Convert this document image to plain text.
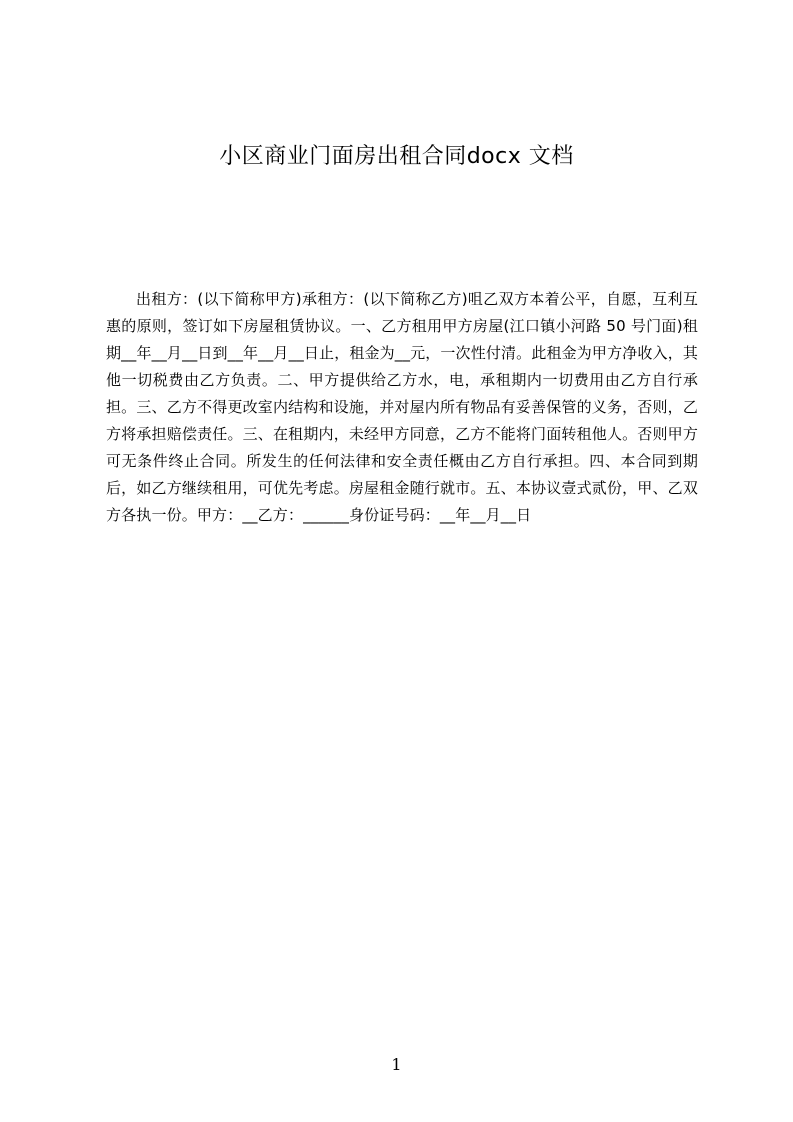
小区商业门面房出租合同docx 文档
出租方：(以下简称甲方)承租方：(以下简称乙方)咀乙双方本着公平，自愿，互利互惠的原则，签订如下房屋租赁协议。一、乙方租用甲方房屋(江口镇小河路 50 号门面)租期__年__月__日到__年__月__日止，租金为__元，一次性付清。此租金为甲方净收入，其他一切税费由乙方负责。二、甲方提供给乙方水，电，承租期内一切费用由乙方自行承担。三、乙方不得更改室内结构和设施，并对屋内所有物品有妥善保管的义务，否则，乙方将承担赔偿责任。三、在租期内，未经甲方同意，乙方不能将门面转租他人。否则甲方可无条件终止合同。所发生的任何法律和安全责任概由乙方自行承担。四、本合同到期后，如乙方继续租用，可优先考虑。房屋租金随行就市。五、本协议壹式贰份，甲、乙双方各执一份。甲方：__乙方：______身份证号码：__年__月__日
1
